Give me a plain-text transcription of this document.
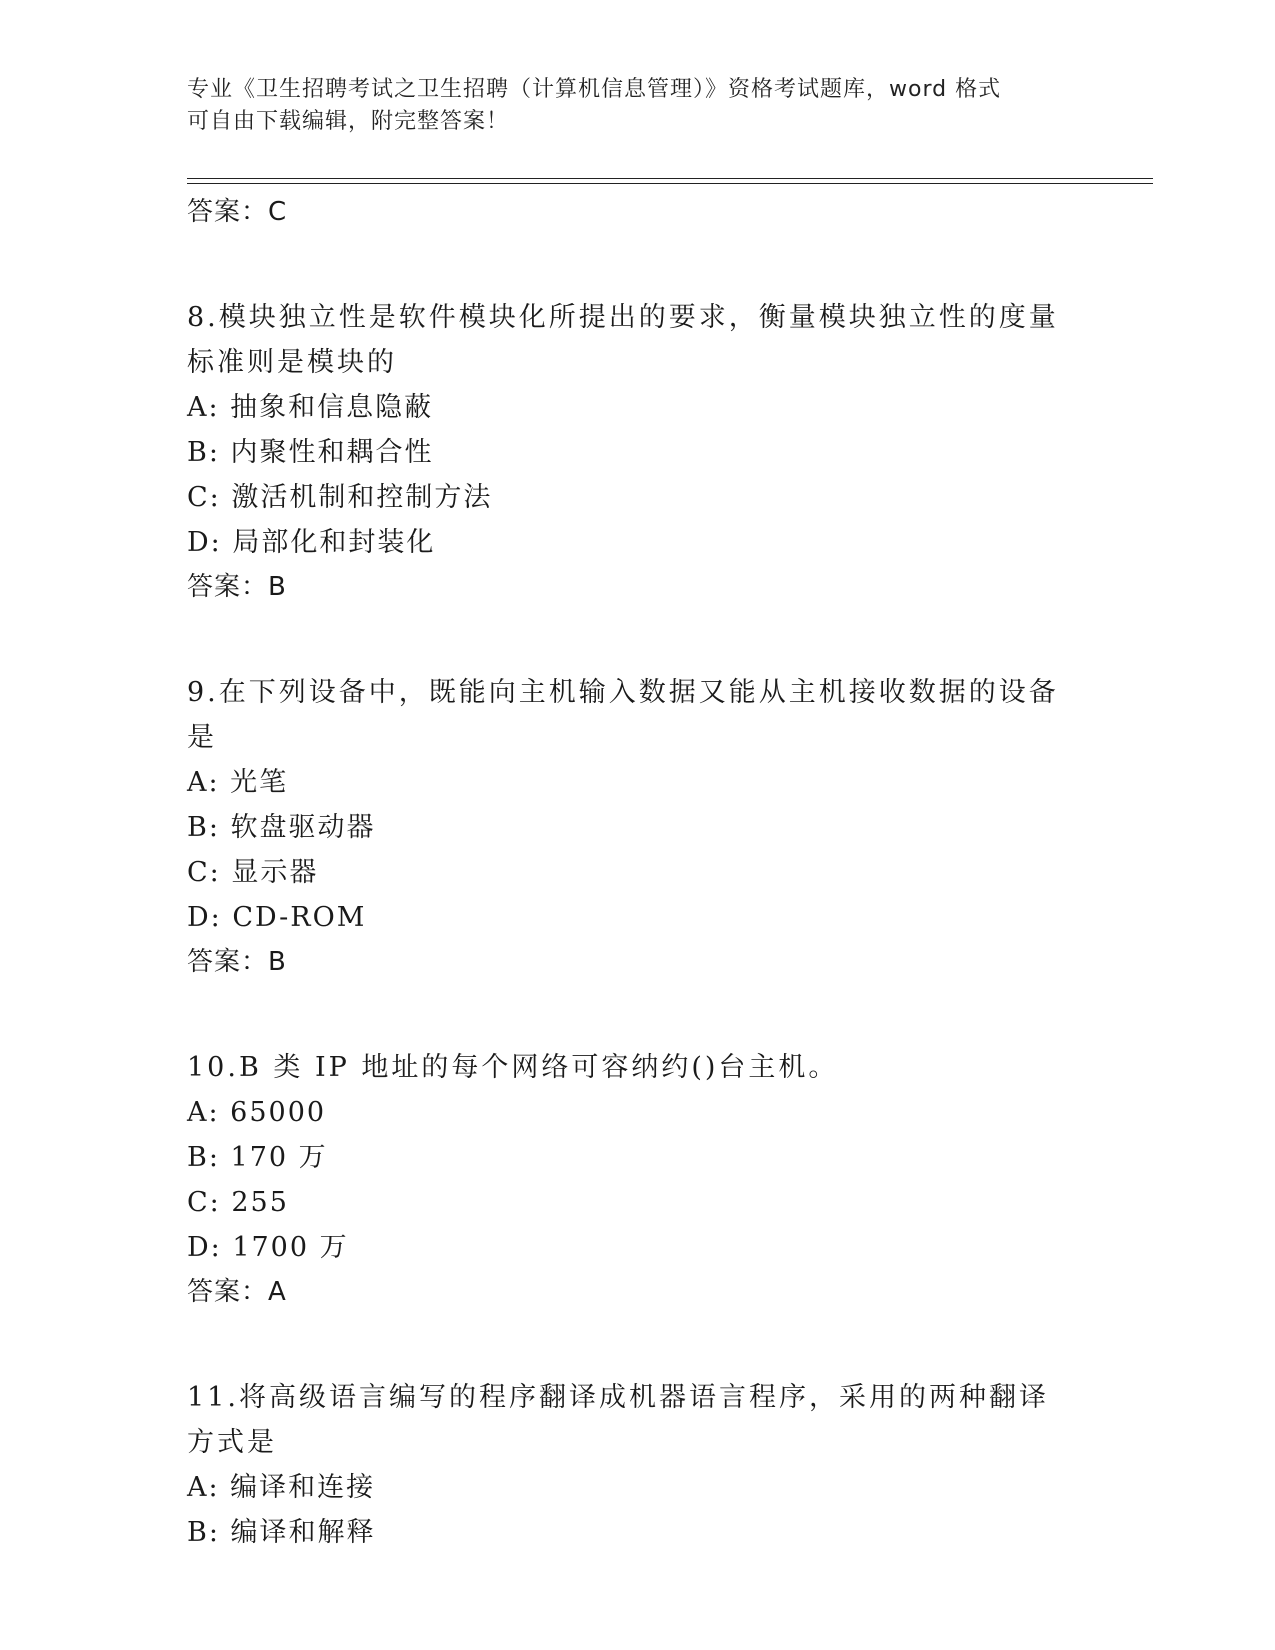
专业《卫生招聘考试之卫生招聘（计算机信息管理）》资格考试题库，word 格式
可自由下载编辑，附完整答案！
答案：C
8.模块独立性是软件模块化所提出的要求，衡量模块独立性的度量标准则是模块的
A: 抽象和信息隐蔽
B: 内聚性和耦合性
C: 激活机制和控制方法
D: 局部化和封装化
答案：B
9.在下列设备中，既能向主机输入数据又能从主机接收数据的设备是
A: 光笔
B: 软盘驱动器
C: 显示器
D: CD-ROM
答案：B
10.B 类 IP 地址的每个网络可容纳约()台主机。
A: 65000
B: 170 万
C: 255
D: 1700 万
答案：A
11.将高级语言编写的程序翻译成机器语言程序，采用的两种翻译方式是
A: 编译和连接
B: 编译和解释
